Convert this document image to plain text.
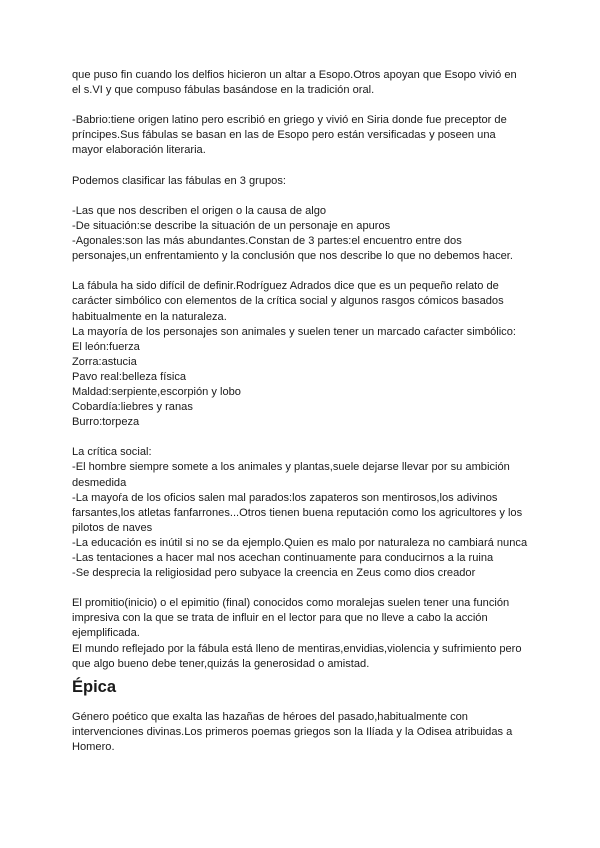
que puso fin cuando los delfios hicieron un altar a Esopo.Otros apoyan que Esopo vivió en
el s.VI y que compuso fábulas basándose en la tradición oral.
-Babrio:tiene origen latino pero escribió en griego y vivió en Siria donde fue preceptor de
príncipes.Sus fábulas se basan en las de Esopo pero están versificadas y poseen una
mayor elaboración literaria.
Podemos clasificar las fábulas en 3 grupos:
-Las que nos describen el origen o la causa de algo
-De situación:se describe la situación de un personaje en apuros
-Agonales:son las más abundantes.Constan de 3 partes:el encuentro entre dos
personajes,un enfrentamiento y la conclusión que nos describe lo que no debemos hacer.
La fábula ha sido difícil de definir.Rodríguez Adrados dice que es un pequeño relato de
carácter simbólico con elementos de la crítica social y algunos rasgos cómicos basados
habitualmente en la naturaleza.
La mayoría de los personajes son animales y suelen tener un marcado caŕacter simbólico:
El león:fuerza
Zorra:astucia
Pavo real:belleza física
Maldad:serpiente,escorpión y lobo
Cobardía:liebres y ranas
Burro:torpeza
La crítica social:
-El hombre siempre somete a los animales y plantas,suele dejarse llevar por su ambición
desmedida
-La mayoŕa de los oficios salen mal parados:los zapateros son mentirosos,los adivinos
farsantes,los atletas fanfarrones...Otros tienen buena reputación como los agricultores y los
pilotos de naves
-La educación es inútil si no se da ejemplo.Quien es malo por naturaleza no cambiará nunca
-Las tentaciones a hacer mal nos acechan continuamente para conducirnos a la ruina
-Se desprecia la religiosidad pero subyace la creencia en Zeus como dios creador
El promitio(inicio) o el epimitio (final) conocidos como moralejas suelen tener una función
impresiva con la que se trata de influir en el lector para que no lleve a cabo la acción
ejemplificada.
El mundo reflejado por la fábula está lleno de mentiras,envidias,violencia y sufrimiento pero
que algo bueno debe tener,quizás la generosidad o amistad.
Épica
Género poético que exalta las hazañas de héroes del pasado,habitualmente con
intervenciones divinas.Los primeros poemas griegos son la Ilíada y la Odisea atribuidas a
Homero.
